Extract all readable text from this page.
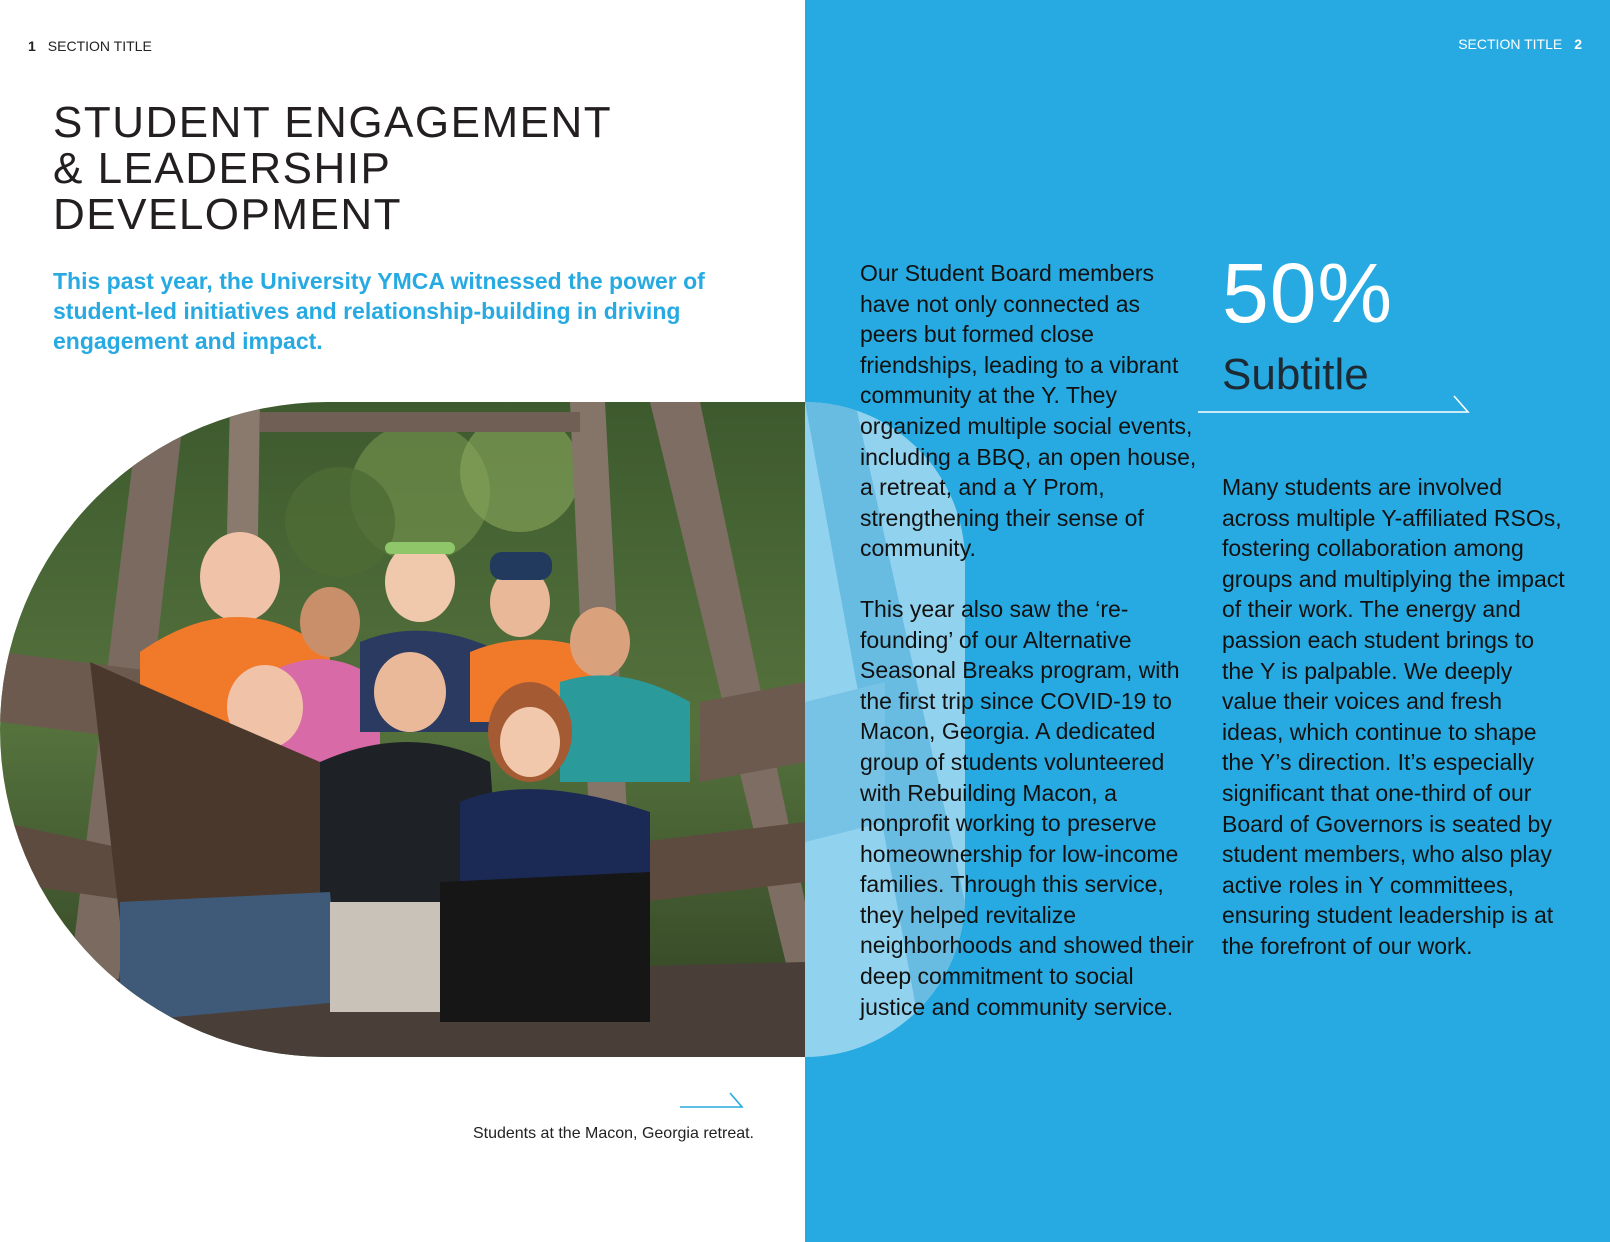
1 SECTION TITLE	SECTION TITLE 2
STUDENT ENGAGEMENT
& LEADERSHIP
DEVELOPMENT

This past year, the University YMCA witnessed the power of student-led initiatives and relationship-building in driving engagement and impact.

Students at the Macon, Georgia retreat.

Our Student Board members have not only connected as peers but formed close friendships, leading to a vibrant community at the Y. They organized multiple social events, including a BBQ, an open house, a retreat, and a Y Prom, strengthening their sense of community.

This year also saw the ‘re-founding’ of our Alternative Seasonal Breaks program, with the first trip since COVID-19 to Macon, Georgia. A dedicated group of students volunteered with Rebuilding Macon, a nonprofit working to preserve homeownership for low-income families. Through this service, they helped revitalize neighborhoods and showed their deep commitment to social justice and community service.

50%
Subtitle

Many students are involved across multiple Y-affiliated RSOs, fostering collaboration among groups and multiplying the impact of their work. The energy and passion each student brings to the Y is palpable. We deeply value their voices and fresh ideas, which continue to shape the Y’s direction. It’s especially significant that one-third of our Board of Governors is seated by student members, who also play active roles in Y committees, ensuring student leadership is at the forefront of our work.
